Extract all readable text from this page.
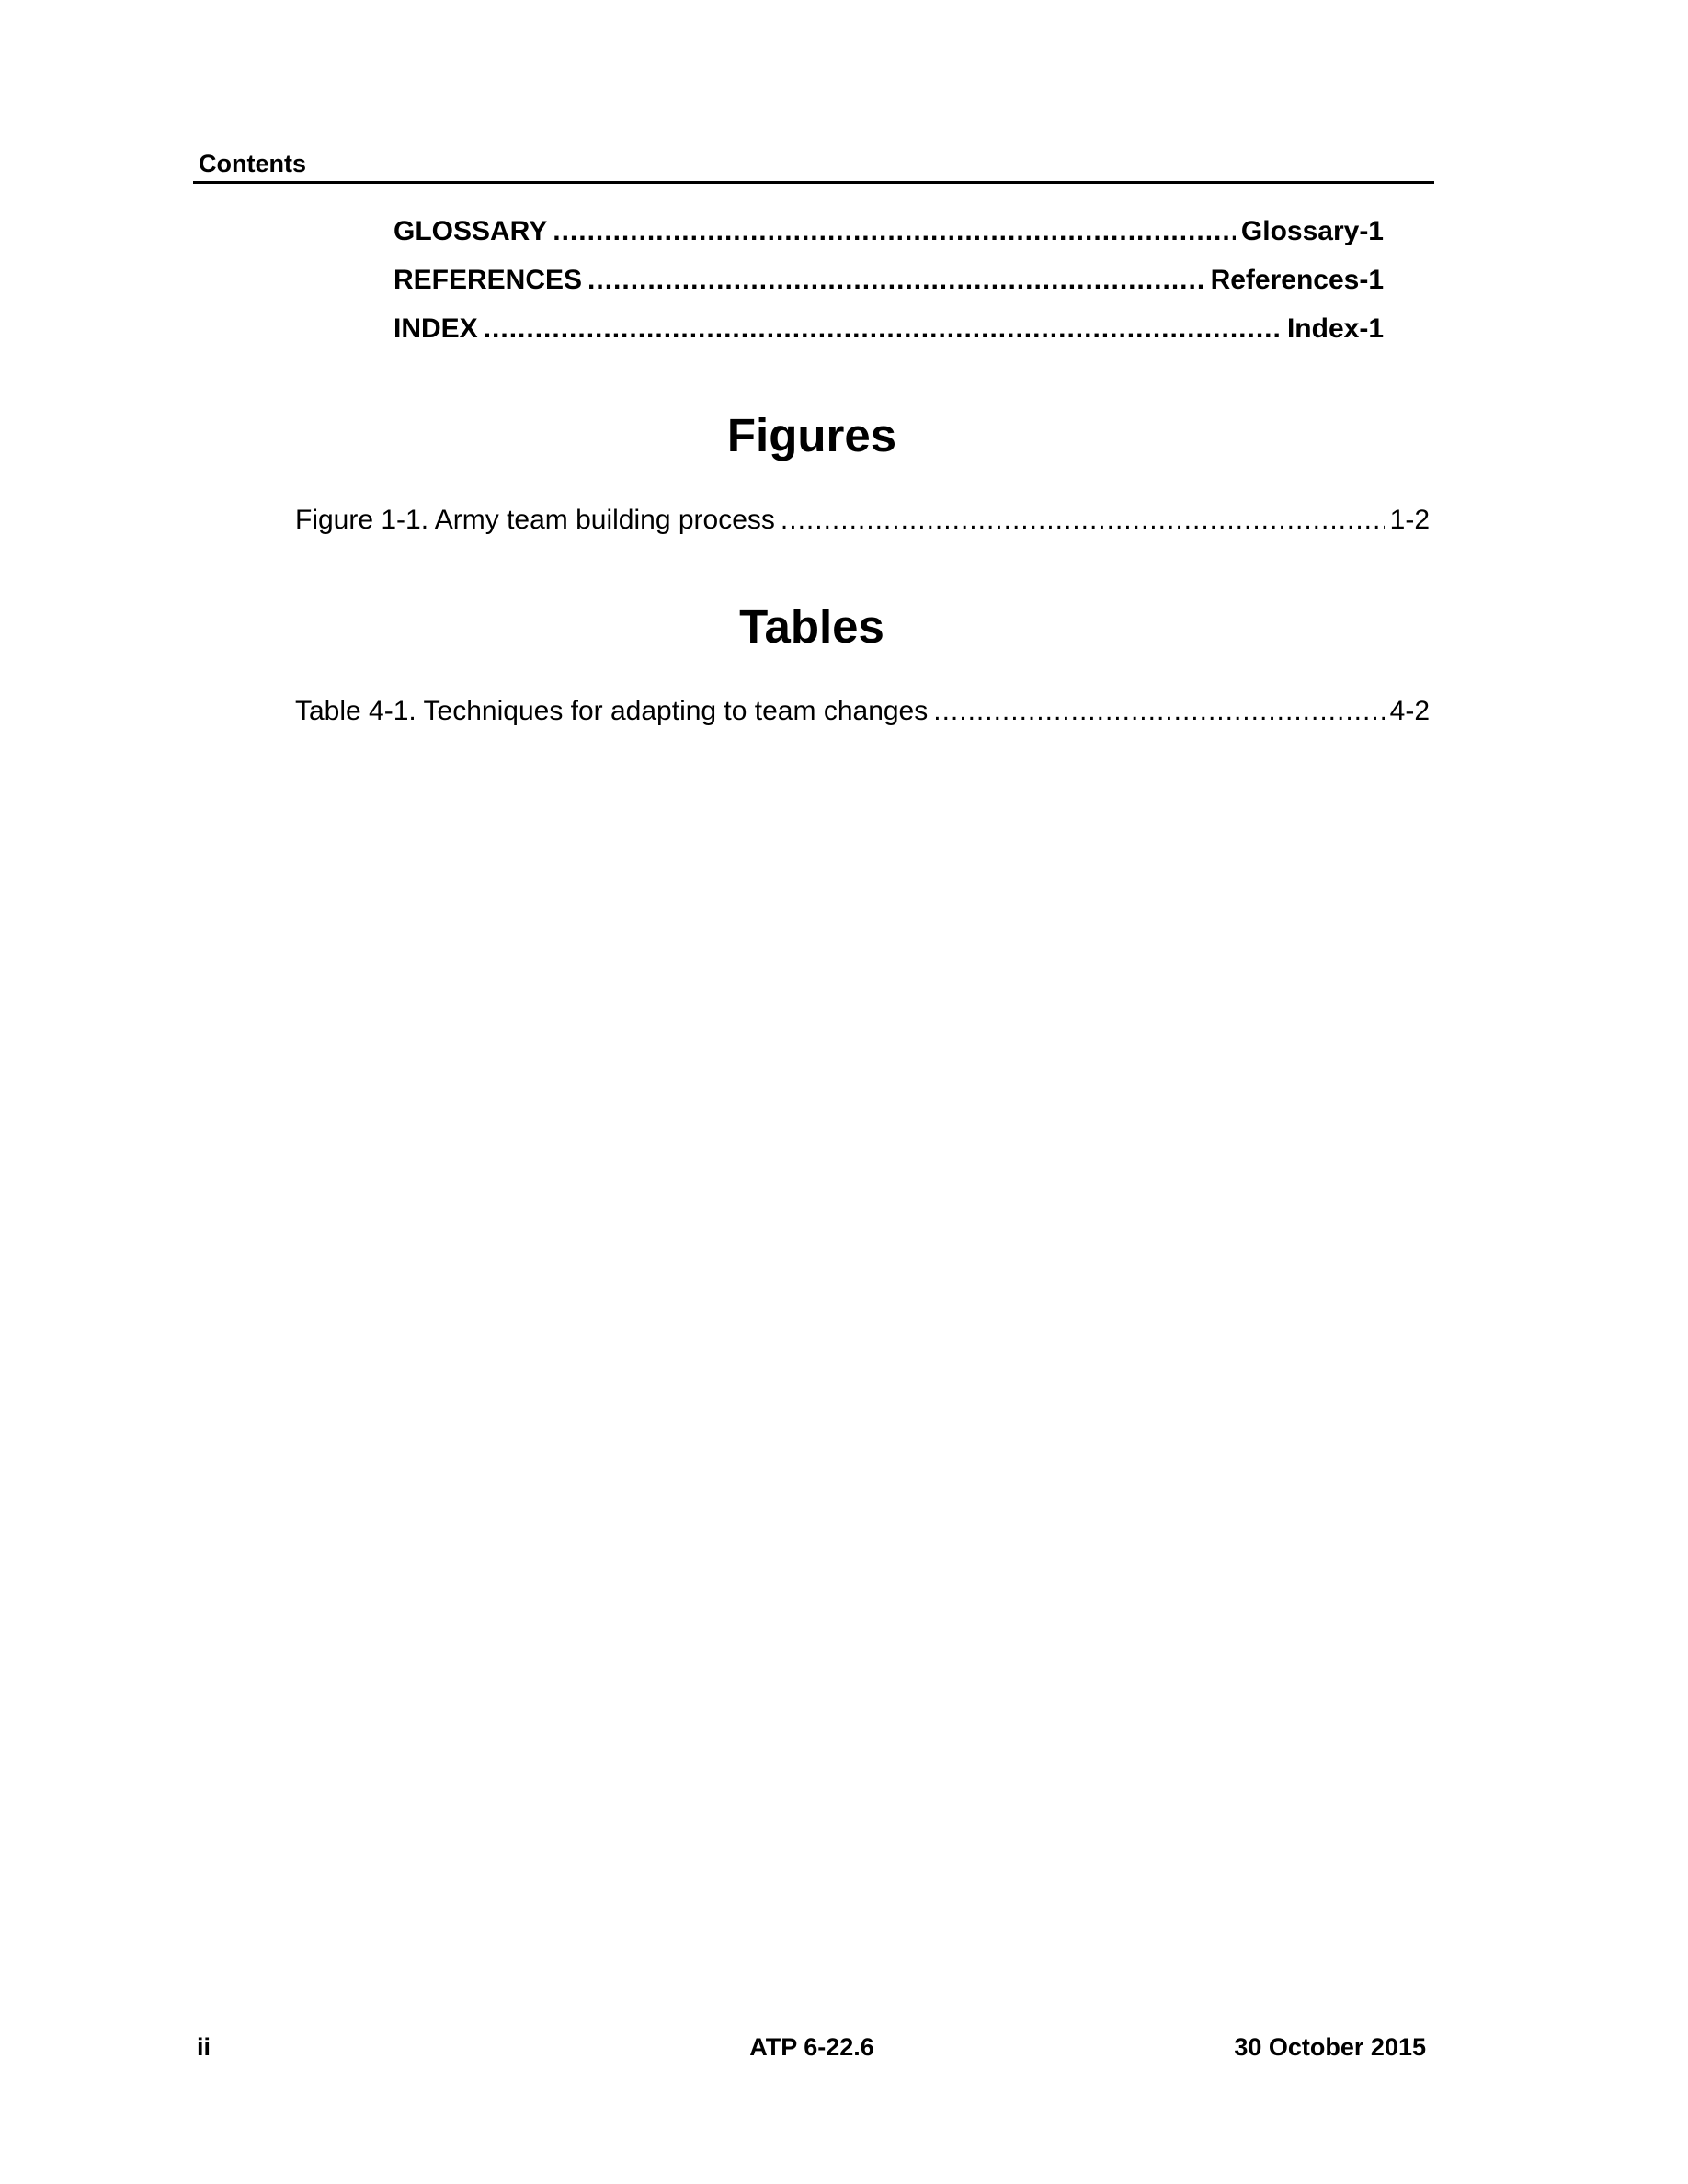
Contents
GLOSSARY .....	Glossary-1
REFERENCES .....	References-1
INDEX .....	Index-1
Figures
Figure 1-1. Army team building process .....	1-2
Tables
Table 4-1. Techniques for adapting to team changes .....	4-2
ii	ATP 6-22.6	30 October 2015
